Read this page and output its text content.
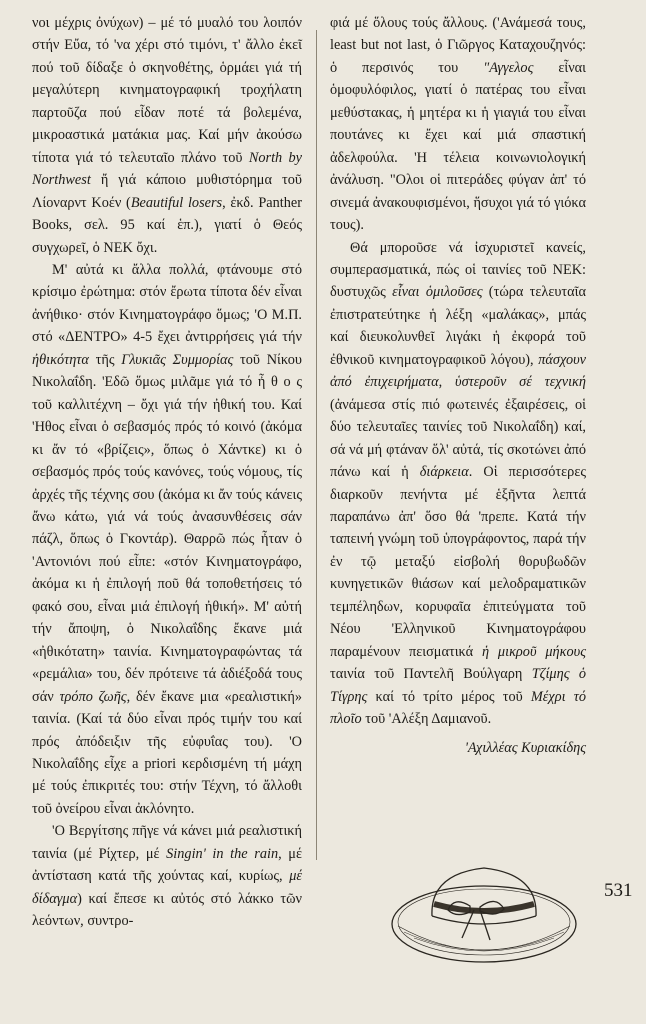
νοι μέχρις ὀνύχων) – μέ τό μυαλό του λοιπόν στήν Εὔα, τό 'να χέρι στό τιμόνι, τ' ἄλλο ἐκεῖ πού τοῦ δίδαξε ὁ σκηνοθέτης, ὁρμάει γιά τή μεγαλύτερη κινηματογραφική τροχήλατη παρτοῦζα πού εἶδαν ποτέ τά βολεμένα, μικροαστικά ματάκια μας. Καί μήν ἀκούσω τίποτα γιά τό τελευταῖο πλάνο τοῦ North by Northwest ἤ γιά κάποιο μυθιστόρημα τοῦ Λίοναρντ Κοέν (Beautiful losers, ἐκδ. Panther Books, σελ. 95 καί ἑπ.), γιατί ὁ Θεός συγχωρεῖ, ὁ NEK ὄχι.

Μ' αὐτά κι ἄλλα πολλά, φτάνουμε στό κρίσιμο ἐρώτημα: στόν ἔρωτα τίποτα δέν εἶναι ἀνήθικο· στόν Κινηματογράφο ὅμως; 'Ο Μ.Π. στό «ΔΕΝΤΡΟ» 4-5 ἔχει ἀντιρρήσεις γιά τήν ἠθικότητα τῆς Γλυκιᾶς Συμμορίας τοῦ Νίκου Νικολαΐδη. 'Εδῶ ὅμως μιλᾶμε γιά τό ἦ θ ο ς τοῦ καλλιτέχνη – ὄχι γιά τήν ἠθική του. Καί 'Ηθος εἶναι ὁ σεβασμός πρός τό κοινό (ἀκόμα κι ἄν τό «βρίζεις», ὅπως ὁ Χάντκε) κι ὁ σεβασμός πρός τούς κανόνες, τούς νόμους, τίς ἀρχές τῆς τέχνης σου (ἀκόμα κι ἄν τούς κάνεις ἄνω κάτω, γιά νά τούς ἀνασυνθέσεις σάν πάζλ, ὅπως ὁ Γκοντάρ). Θαρρῶ πώς ἦταν ὁ 'Αντονιόνι πού εἶπε: «στόν Κινηματογράφο, ἀκόμα κι ἡ ἐπιλογή ποῦ θά τοποθετήσεις τό φακό σου, εἶναι μιά ἐπιλογή ἠθική». Μ' αὐτή τήν ἄποψη, ὁ Νικολαΐδης ἔκανε μιά «ἠθικότατη» ταινία. Κινηματογραφώντας τά «ρεμάλια» του, δέν πρότεινε τά ἀδιέξοδά τους σάν τρόπο ζωῆς, δέν ἔκανε μια «ρεαλιστική» ταινία. (Καί τά δύο εἶναι πρός τιμήν του καί πρός ἀπόδειξιν τῆς εὐφυΐας του). 'Ο Νικολαΐδης εἶχε a priori κερδισμένη τή μάχη μέ τούς ἐπικριτές του: στήν Τέχνη, τό ἄλλοθι τοῦ ὀνείρου εἶναι ἀκλόνητο.

'Ο Βεργίτσης πῆγε νά κάνει μιά ρεαλιστική ταινία (μέ Ρίχτερ, μέ Singin' in the rain, μέ ἀντίσταση κατά τῆς χούντας καί, κυρίως, μέ δίδαγμα) καί ἔπεσε κι αὐτός στό λάκκο τῶν λεόντων, συντρο-

φιά μέ ὅλους τούς ἄλλους. ('Ανάμεσά τους, least but not last, ὁ Γιῶργος Καταχουζηνός: ὁ περσινός του "Αγγελος εἶναι ὁμοφυλόφιλος, γιατί ὁ πατέρας του εἶναι μεθύστακας, ἡ μητέρα κι ἡ γιαγιά του εἶναι πουτάνες κι ἔχει καί μιά σπαστική ἀδελφούλα. 'Η τέλεια κοινωνιολογική ἀνάλυση. "Ολοι οἱ πιτεράδες φύγαν ἀπ' τό σινεμά ἀνακουφισμένοι, ἥσυχοι γιά τό γιόκα τους).

Θά μποροῦσε νά ἰσχυριστεῖ κανείς, συμπερασματικά, πώς οἱ ταινίες τοῦ NEK: δυστυχῶς εἶναι ὁμιλοῦσες (τώρα τελευταῖα ἐπιστρατεύτηκε ἡ λέξη «μαλάκας», μπάς καί διευκολυνθεῖ λιγάκι ἡ ἐκφορά τοῦ ἐθνικοῦ κινηματογραφικοῦ λόγου), πάσχουν ἀπό ἐπιχειρήματα, ὑστεροῦν σέ τεχνική (ἀνάμεσα στίς πιό φωτεινές ἐξαιρέσεις, οἱ δύο τελευταῖες ταινίες τοῦ Νικολαΐδη) καί, σά νά μή φτάναν ὅλ' αὐτά, τίς σκοτώνει ἀπό πάνω καί ἡ διάρκεια. Οἱ περισσότερες διαρκοῦν πενήντα μέ ἑξῆντα λεπτά παραπάνω ἀπ' ὅσο θά 'πρεπε. Κατά τήν ταπεινή γνώμη τοῦ ὑπογράφοντος, παρά τήν ἐν τῷ μεταξύ εἰσβολή θορυβωδῶν κυνηγετικῶν θιάσων καί μελοδραματικῶν τεμπέληδων, κορυφαῖα ἐπιτεύγματα τοῦ Νέου 'Ελληνικοῦ Κινηματογράφου παραμένουν πεισματικά ἡ μικροῦ μήκους ταινία τοῦ Παντελῆ Βούλγαρη Τζίμης ὁ Τίγρης καί τό τρίτο μέρος τοῦ Μέχρι τό πλοῖο τοῦ 'Αλέξη Δαμιανοῦ.

'Αχιλλέας Κυριακίδης
531
